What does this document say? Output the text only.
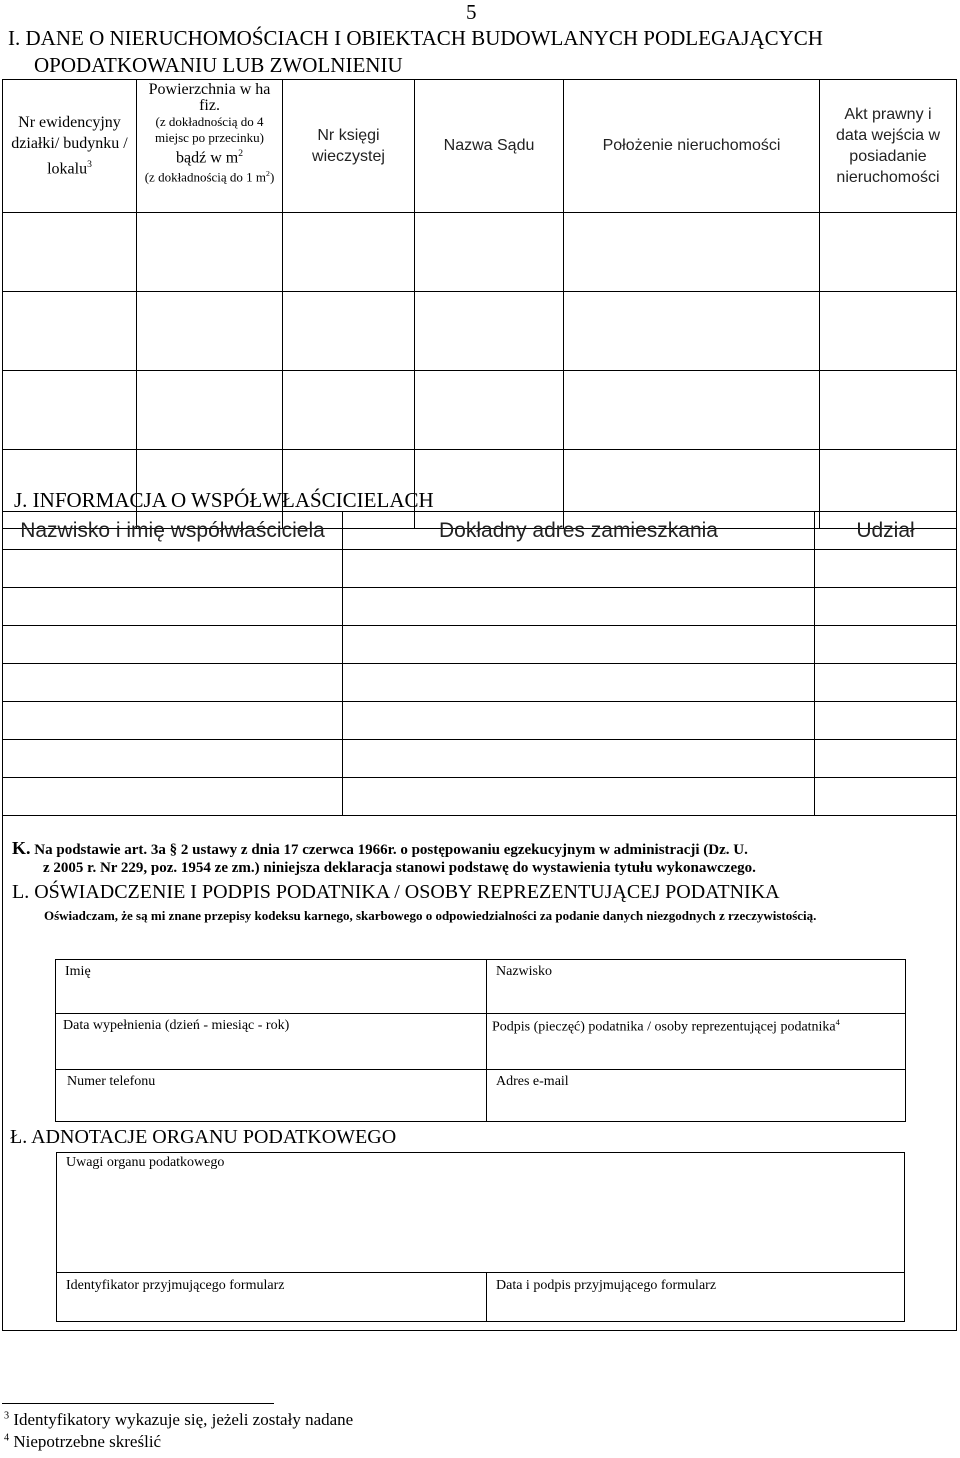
5
I. DANE O NIERUCHOMOŚCIACH I OBIEKTACH BUDOWLANYCH PODLEGAJĄCYCH
OPODATKOWANIU LUB ZWOLNIENIU
Nr ewidencyjny działki/ budynku / lokalu$^3$	Powierzchnia w ha fiz.
(z dokładnością do 4 miejsc po przecinku)
bądź w $m^2$
(z dokładnością do 1 $m^2$)	Nr księgi wieczystej	Nazwa Sądu	Położenie nieruchomości	Akt prawny i data wejścia w posiadanie nieruchomości

J. INFORMACJA O WSPÓŁWŁAŚCICIELACH
Nazwisko i imię współwłaściciela	Dokładny adres zamieszkania	Udział

K. Na podstawie art. 3a § 2 ustawy z dnia 17 czerwca 1966r. o postępowaniu egzekucyjnym w administracji (Dz. U.
z 2005 r. Nr 229, poz. 1954 ze zm.) niniejsza deklaracja stanowi podstawę do wystawienia tytułu wykonawczego.
L. OŚWIADCZENIE I PODPIS PODATNIKA / OSOBY REPREZENTUJĄCEJ PODATNIKA
Oświadczam, że są mi znane przepisy kodeksu karnego, skarbowego o odpowiedzialności za podanie danych niezgodnych z rzeczywistością.
Imię	Nazwisko
Data wypełnienia (dzień - miesiąc - rok)	Podpis (pieczęć) podatnika / osoby reprezentującej podatnika$^4$
Numer telefonu	Adres e-mail
Ł. ADNOTACJE ORGANU PODATKOWEGO
Uwagi organu podatkowego
Identyfikator przyjmującego formularz	Data i podpis przyjmującego formularz
$^3$ Identyfikatory wykazuje się, jeżeli zostały nadane
$^4$ Niepotrzebne skreślić
